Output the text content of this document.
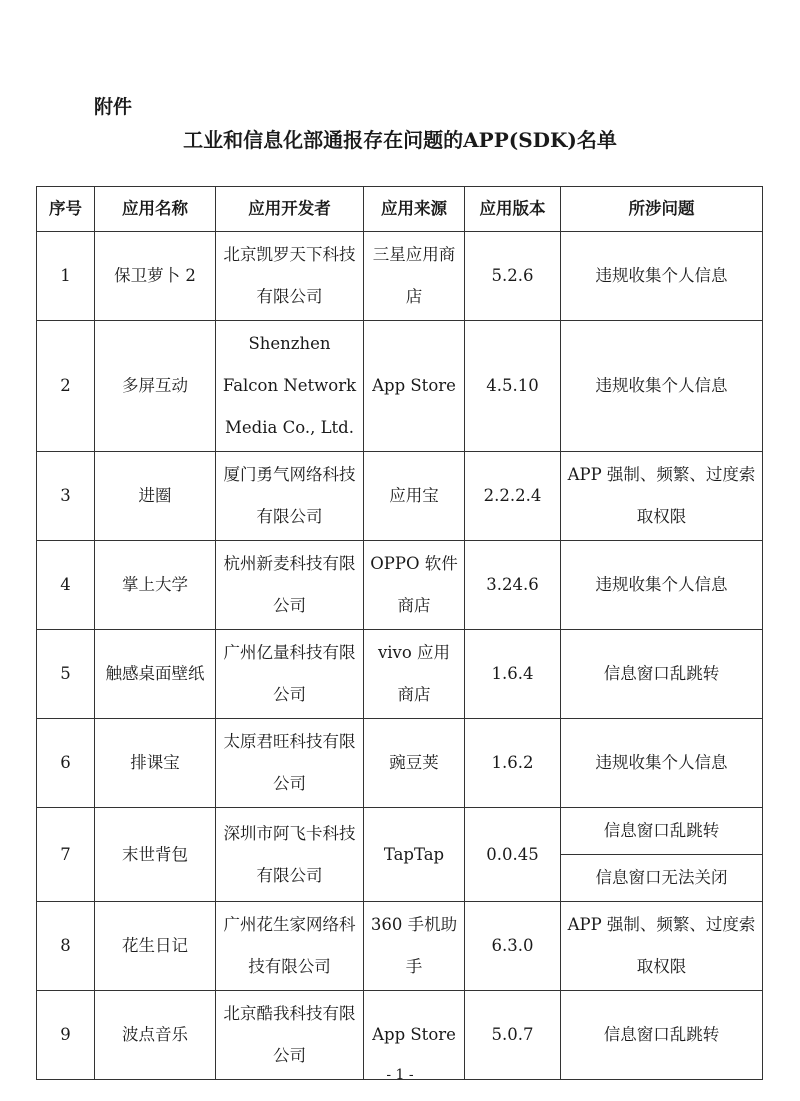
附件
工业和信息化部通报存在问题的APP(SDK)名单
序号	应用名称	应用开发者	应用来源	应用版本	所涉问题
1	保卫萝卜 2	北京凯罗天下科技有限公司	三星应用商店	5.2.6	违规收集个人信息
2	多屏互动	Shenzhen Falcon Network Media Co., Ltd.	App Store	4.5.10	违规收集个人信息
3	进圈	厦门勇气网络科技有限公司	应用宝	2.2.2.4	APP 强制、频繁、过度索取权限
4	掌上大学	杭州新麦科技有限公司	OPPO 软件商店	3.24.6	违规收集个人信息
5	触感桌面壁纸	广州亿量科技有限公司	vivo 应用商店	1.6.4	信息窗口乱跳转
6	排课宝	太原君旺科技有限公司	豌豆荚	1.6.2	违规收集个人信息
7	末世背包	深圳市阿飞卡科技有限公司	TapTap	0.0.45	信息窗口乱跳转
					信息窗口无法关闭
8	花生日记	广州花生家网络科技有限公司	360 手机助手	6.3.0	APP 强制、频繁、过度索取权限
9	波点音乐	北京酷我科技有限公司	App Store	5.0.7	信息窗口乱跳转
- 1 -
